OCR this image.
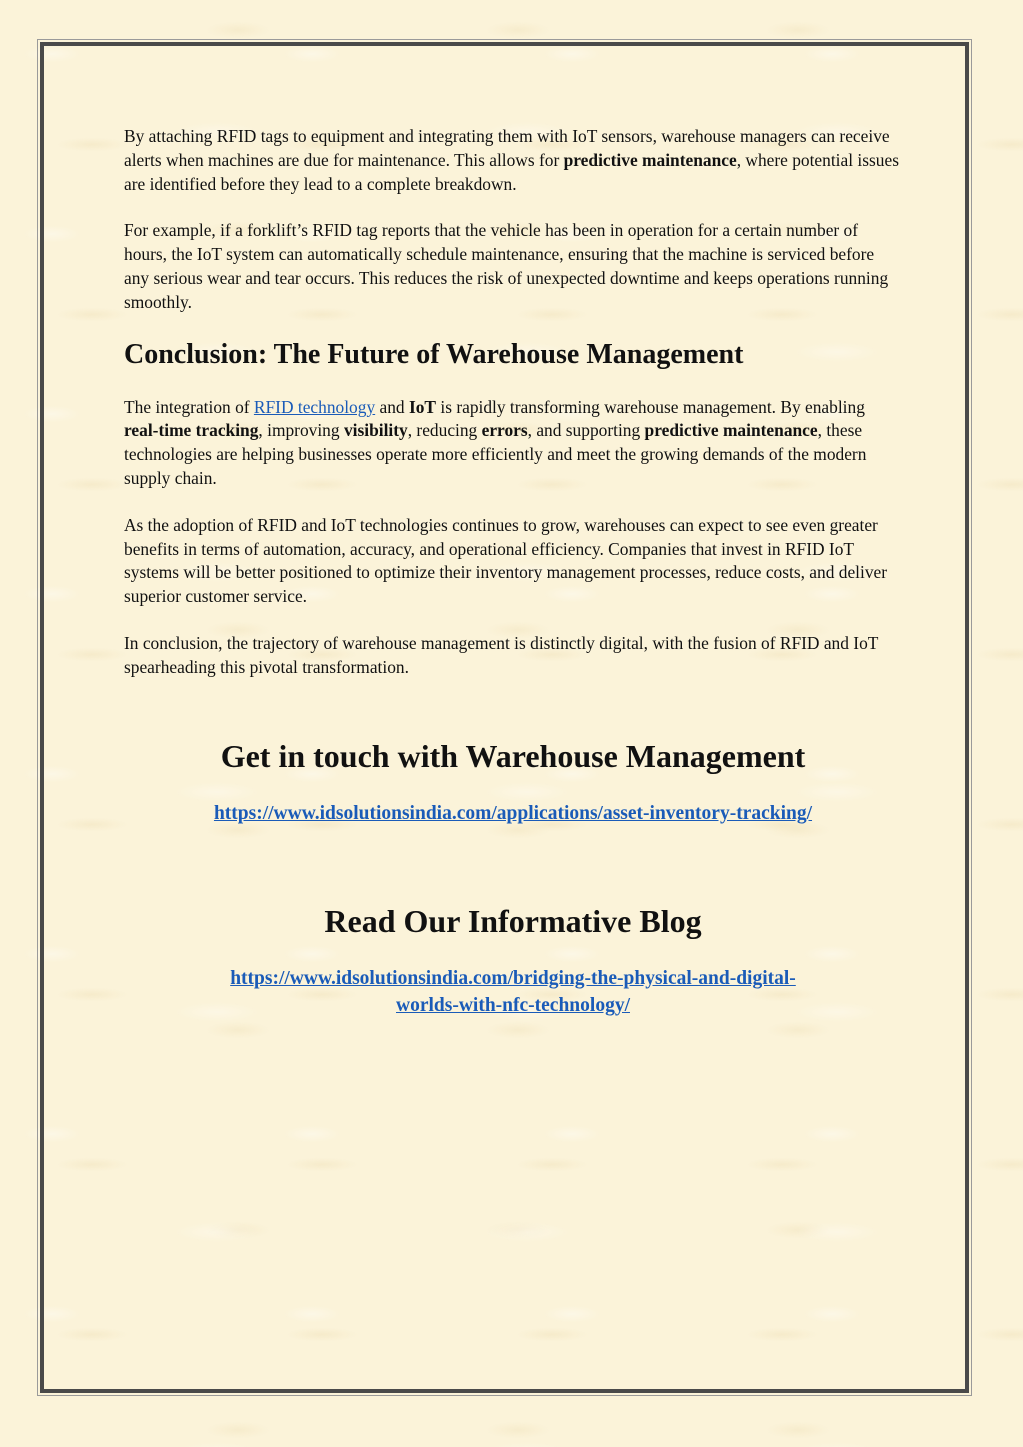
By attaching RFID tags to equipment and integrating them with IoT sensors, warehouse managers can receive alerts when machines are due for maintenance. This allows for predictive maintenance, where potential issues are identified before they lead to a complete breakdown.

For example, if a forklift’s RFID tag reports that the vehicle has been in operation for a certain number of hours, the IoT system can automatically schedule maintenance, ensuring that the machine is serviced before any serious wear and tear occurs. This reduces the risk of unexpected downtime and keeps operations running smoothly.

Conclusion: The Future of Warehouse Management

The integration of RFID technology and IoT is rapidly transforming warehouse management. By enabling real-time tracking, improving visibility, reducing errors, and supporting predictive maintenance, these technologies are helping businesses operate more efficiently and meet the growing demands of the modern supply chain.

As the adoption of RFID and IoT technologies continues to grow, warehouses can expect to see even greater benefits in terms of automation, accuracy, and operational efficiency. Companies that invest in RFID IoT systems will be better positioned to optimize their inventory management processes, reduce costs, and deliver superior customer service.

In conclusion, the trajectory of warehouse management is distinctly digital, with the fusion of RFID and IoT spearheading this pivotal transformation.

Get in touch with Warehouse Management
https://www.idsolutionsindia.com/applications/asset-inventory-tracking/
Read Our Informative Blog
https://www.idsolutionsindia.com/bridging-the-physical-and-digital-
worlds-with-nfc-technology/
